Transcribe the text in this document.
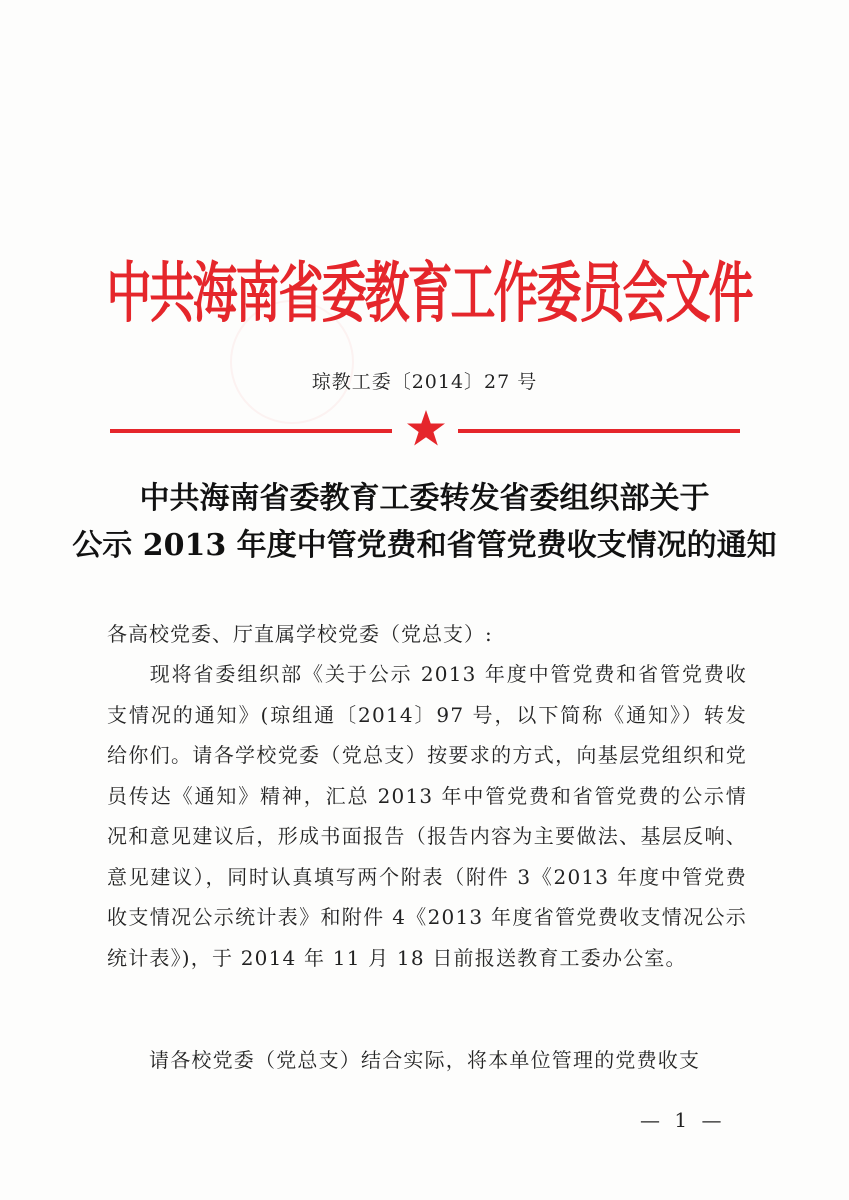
中共海南省委教育工作委员会文件
琼教工委〔2014〕27 号
中共海南省委教育工委转发省委组织部关于
公示 2013 年度中管党费和省管党费收支情况的通知
各高校党委、厅直属学校党委（党总支）:
现将省委组织部《关于公示 2013 年度中管党费和省管党费收支情况的通知》(琼组通〔2014〕97 号，以下简称《通知》）转发给你们。请各学校党委（党总支）按要求的方式，向基层党组织和党员传达《通知》精神，汇总 2013 年中管党费和省管党费的公示情况和意见建议后，形成书面报告（报告内容为主要做法、基层反响、意见建议），同时认真填写两个附表（附件 3《2013 年度中管党费收支情况公示统计表》和附件 4《2013 年度省管党费收支情况公示统计表》)，于 2014 年 11 月 18 日前报送教育工委办公室。
请各校党委（党总支）结合实际，将本单位管理的党费收支
— 1 —
